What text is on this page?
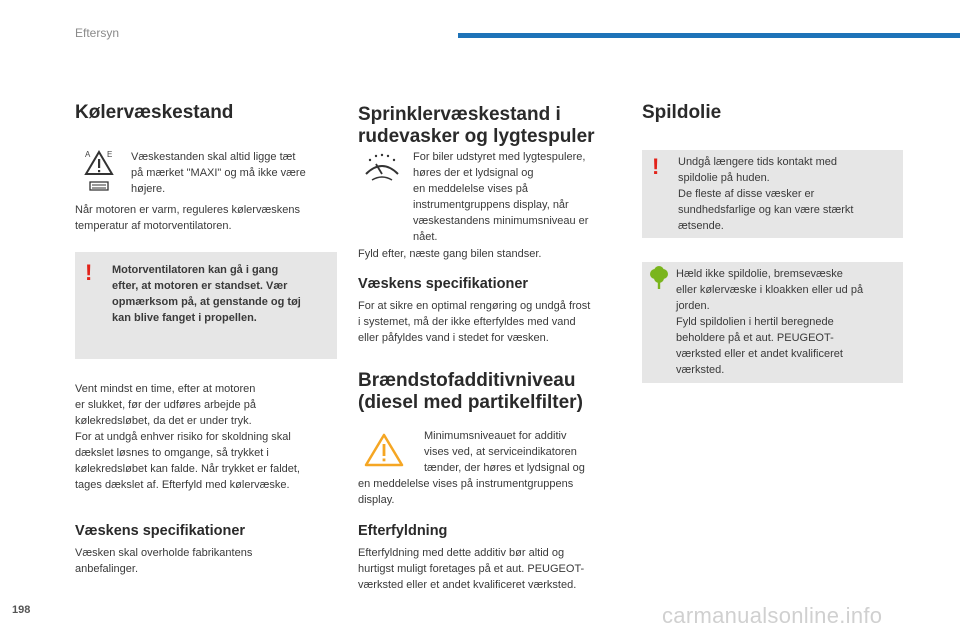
Eftersyn
Kølervæskestand
A E Væskestanden skal altid ligge tæt
på mærket "MAXI" og må ikke være
højere.

Når motoren er varm, reguleres kølervæskens
temperatur af motorventilatoren.

! Motorventilatoren kan gå i gang
efter, at motoren er standset. Vær
opmærksom på, at genstande og tøj
kan blive fanget i propellen.

Vent mindst en time, efter at motoren
er slukket, før der udføres arbejde på
kølekredsløbet, da det er under tryk.
For at undgå enhver risiko for skoldning skal
dækslet løsnes to omgange, så trykket i
kølekredsløbet kan falde. Når trykket er faldet,
tages dækslet af. Efterfyld med kølervæske.

Væskens specifikationer

Væsken skal overholde fabrikantens
anbefalinger.

Sprinklervæskestand i
rudevasker og lygtespuler

For biler udstyret med lygtespulere,
høres der et lydsignal og
en meddelelse vises på
instrumentgruppens display, når
væskestandens minimumsniveau er
nået.

Fyld efter, næste gang bilen standser.

Væskens specifikationer

For at sikre en optimal rengøring og undgå frost
i systemet, må der ikke efterfyldes med vand
eller påfyldes vand i stedet for væsken.

Brændstofadditivniveau
(diesel med partikelfilter)

Minimumsniveauet for additiv
vises ved, at serviceindikatoren
tænder, der høres et lydsignal og

en meddelelse vises på instrumentgruppens
display.

Efterfyldning

Efterfyldning med dette additiv bør altid og
hurtigst muligt foretages på et aut. PEUGEOT-
værksted eller et andet kvalificeret værksted.

Spildolie
! Undgå længere tids kontakt med
spildolie på huden.
De fleste af disse væsker er
sundhedsfarlige og kan være stærkt
ætsende.

Hæld ikke spildolie, bremsevæske
eller kølervæske i kloakken eller ud på
jorden.
Fyld spildolien i hertil beregnede
beholdere på et aut. PEUGEOT-
værksted eller et andet kvalificeret
værksted.

198	carmanualsonline.info
